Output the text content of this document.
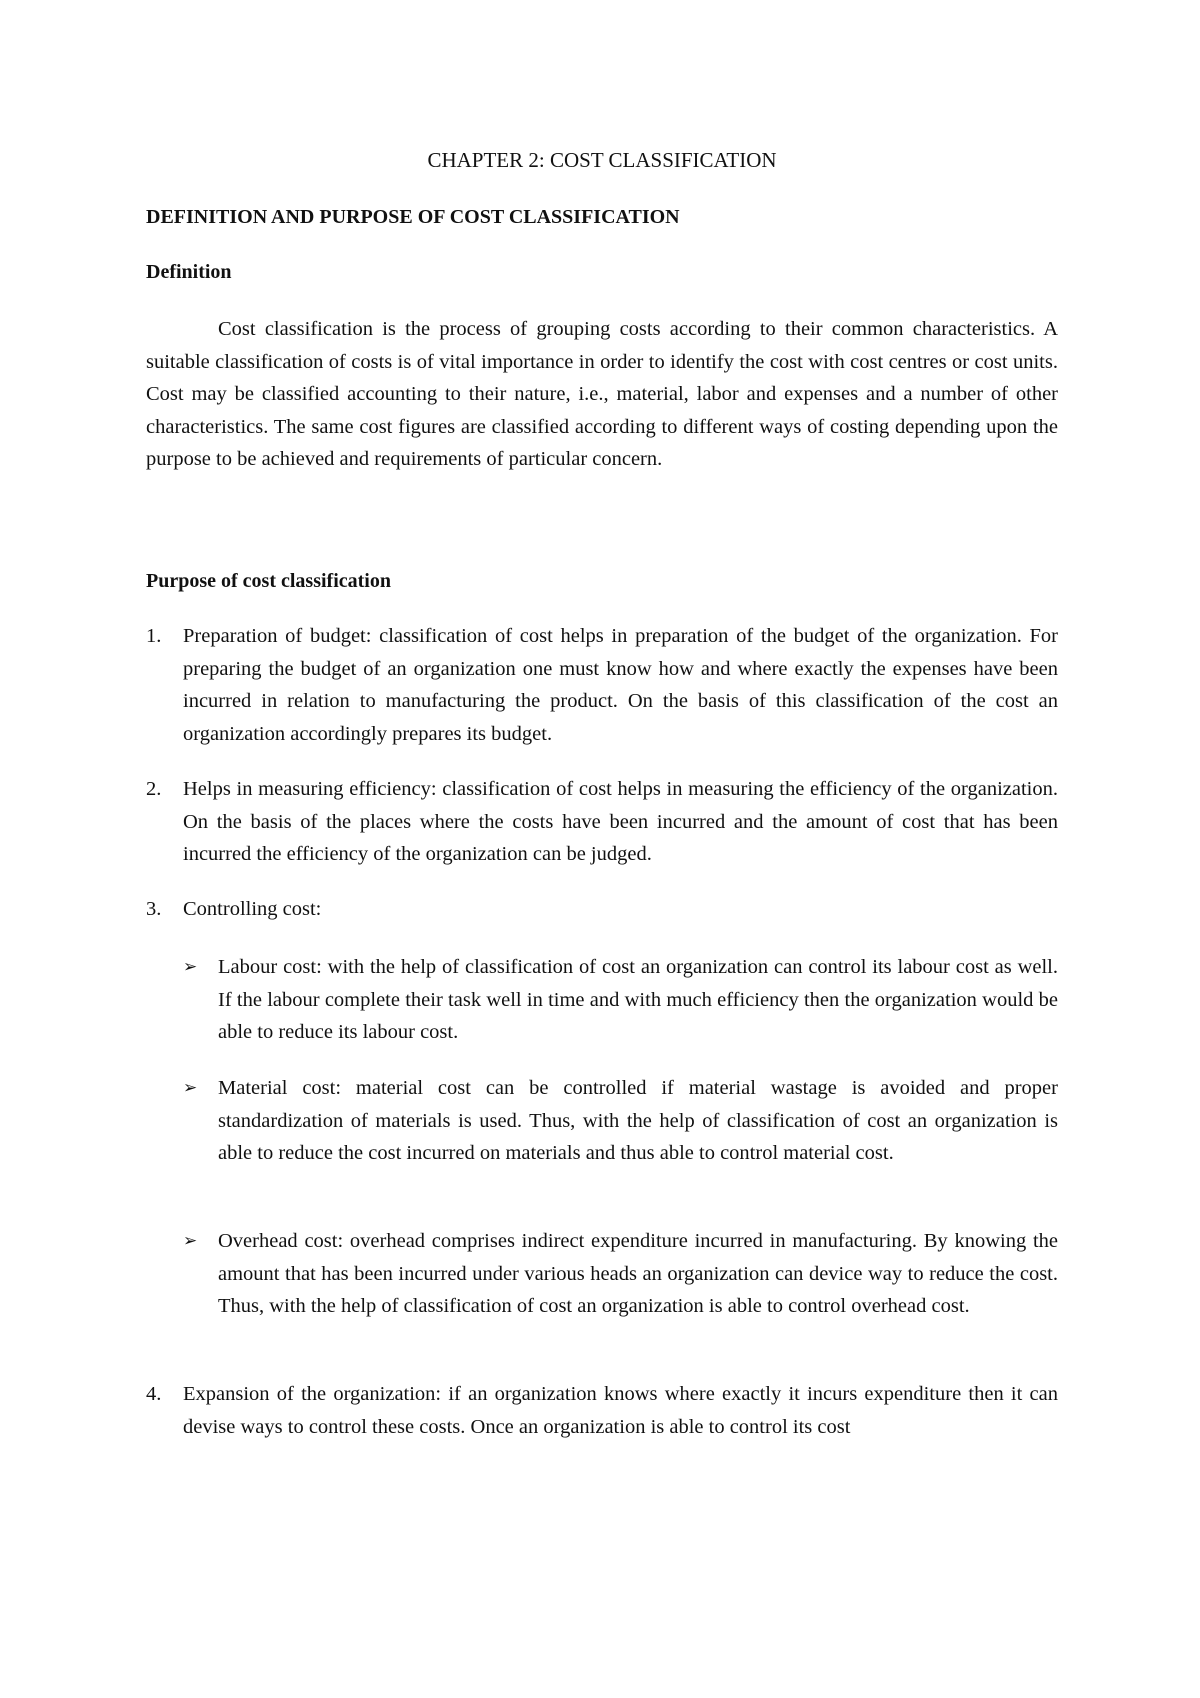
CHAPTER 2: COST CLASSIFICATION
DEFINITION AND PURPOSE OF COST CLASSIFICATION
Definition

Cost classification is the process of grouping costs according to their common characteristics. A suitable classification of costs is of vital importance in order to identify the cost with cost centres or cost units. Cost may be classified accounting to their nature, i.e., material, labor and expenses and a number of other characteristics. The same cost figures are classified according to different ways of costing depending upon the purpose to be achieved and requirements of particular concern.

Purpose of cost classification
1.	Preparation of budget: classification of cost helps in preparation of the budget of the organization. For preparing the budget of an organization one must know how and where exactly the expenses have been incurred in relation to manufacturing the product. On the basis of this classification of the cost an organization accordingly prepares its budget.
2.	Helps in measuring efficiency: classification of cost helps in measuring the efficiency of the organization. On the basis of the places where the costs have been incurred and the amount of cost that has been incurred the efficiency of the organization can be judged.
3.	Controlling cost:
➢	Labour cost: with the help of classification of cost an organization can control its labour cost as well. If the labour complete their task well in time and with much efficiency then the organization would be able to reduce its labour cost.
➢	Material cost: material cost can be controlled if material wastage is avoided and proper standardization of materials is used. Thus, with the help of classification of cost an organization is able to reduce the cost incurred on materials and thus able to control material cost.
➢	Overhead cost: overhead comprises indirect expenditure incurred in manufacturing. By knowing the amount that has been incurred under various heads an organization can device way to reduce the cost. Thus, with the help of classification of cost an organization is able to control overhead cost.
4.	Expansion of the organization: if an organization knows where exactly it incurs expenditure then it can devise ways to control these costs. Once an organization is able to control its cost
